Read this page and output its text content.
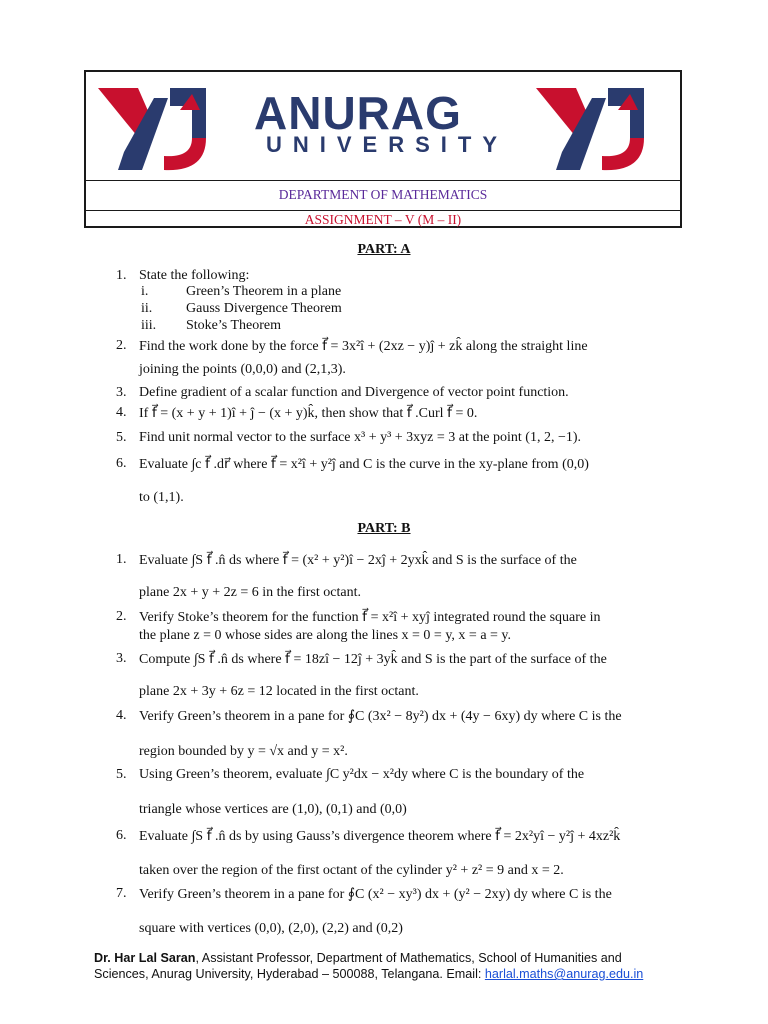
ANURAG
UNIVERSITY
DEPARTMENT OF MATHEMATICS
ASSIGNMENT – V (M – II)
PART: A
1. State the following:
i.	Green’s Theorem in a plane
ii. Gauss Divergence Theorem
iii. Stoke’s Theorem
2. Find the work done by the force f⃗ = 3x²î + (2xz − y)ĵ + zk̂ along the straight line
joining the points (0,0,0) and (2,1,3).
3. Define gradient of a scalar function and Divergence of vector point function.
4. If f⃗ = (x + y + 1)î + ĵ − (x + y)k̂, then show that f⃗ .Curl f⃗ = 0.
5. Find unit normal vector to the surface x³ + y³ + 3xyz = 3 at the point (1, 2, −1).
6. Evaluate ∫c f⃗ .dr⃗ where f⃗ = x²î + y²ĵ and C is the curve in the xy-plane from (0,0)
to (1,1).
PART: B
1. Evaluate ∫S f⃗ .n̂ ds where f⃗ = (x² + y²)î − 2xĵ + 2yxk̂ and S is the surface of the
plane 2x + y + 2z = 6 in the first octant.
2. Verify Stoke’s theorem for the function f⃗ = x²î + xyĵ integrated round the square in
the plane z = 0 whose sides are along the lines x = 0 = y, x = a = y.
3. Compute ∫S f⃗ .n̂ ds where f⃗ = 18zî − 12ĵ + 3yk̂ and S is the part of the surface of the
plane 2x + 3y + 6z = 12 located in the first octant.
4. Verify Green’s theorem in a pane for ∮C (3x² − 8y²) dx + (4y − 6xy) dy where C is the
region bounded by y = √x and y = x².
5. Using Green’s theorem, evaluate ∫C y²dx − x²dy where C is the boundary of the
triangle whose vertices are (1,0), (0,1) and (0,0)
6. Evaluate ∫S f⃗ .n̂ ds by using Gauss’s divergence theorem where f⃗ = 2x²yî − y²ĵ + 4xz²k̂
taken over the region of the first octant of the cylinder y² + z² = 9 and x = 2.
7. Verify Green’s theorem in a pane for ∮C (x² − xy³) dx + (y² − 2xy) dy where C is the
square with vertices (0,0), (2,0), (2,2) and (0,2)
Dr. Har Lal Saran, Assistant Professor, Department of Mathematics, School of Humanities and
Sciences, Anurag University, Hyderabad – 500088, Telangana. Email: harlal.maths@anurag.edu.in
